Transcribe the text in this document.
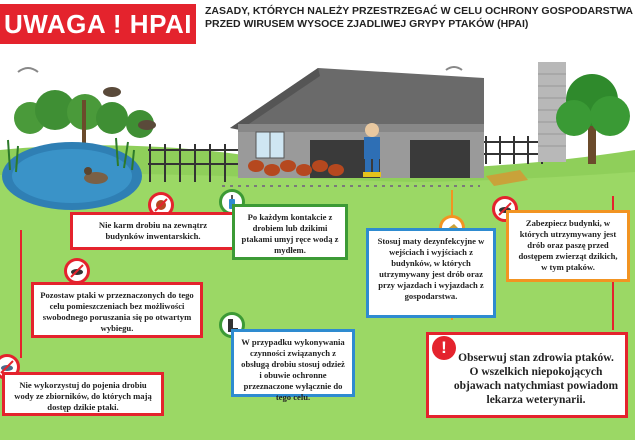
UWAGA ! HPAI	ZASADY, KTÓRYCH NALEŻY PRZESTRZEGAĆ W CELU OCHRONY GOSPODARSTWA PRZED WIRUSEM WYSOCE ZJADLIWEJ GRYPY PTAKÓW (HPAI)
Nie karm drobiu na zewnątrz budynków inwentarskich.
Pozostaw ptaki w przeznaczonych do tego celu pomieszczeniach bez możliwości swobodnego poruszania się po otwartym wybiegu.
Nie wykorzystuj do pojenia drobiu wody ze zbiorników, do których mają dostęp dzikie ptaki.
Po każdym kontakcie z drobiem lub dzikimi ptakami umyj ręce wodą z mydłem.
W przypadku wykonywania czynności związanych z obsługą drobiu stosuj odzież i obuwie ochronne przeznaczone wyłącznie do tego celu.
Stosuj maty dezynfekcyjne w wejściach i wyjściach z budynków, w których utrzymywany jest drób oraz przy wjazdach i wyjazdach z gospodarstwa.
Zabezpiecz budynki, w których utrzymywany jest drób oraz paszę przed dostępem zwierząt dzikich, w tym ptaków.
Obserwuj stan zdrowia ptaków. O wszelkich niepokojących objawach natychmiast powiadom lekarza weterynarii.
!
